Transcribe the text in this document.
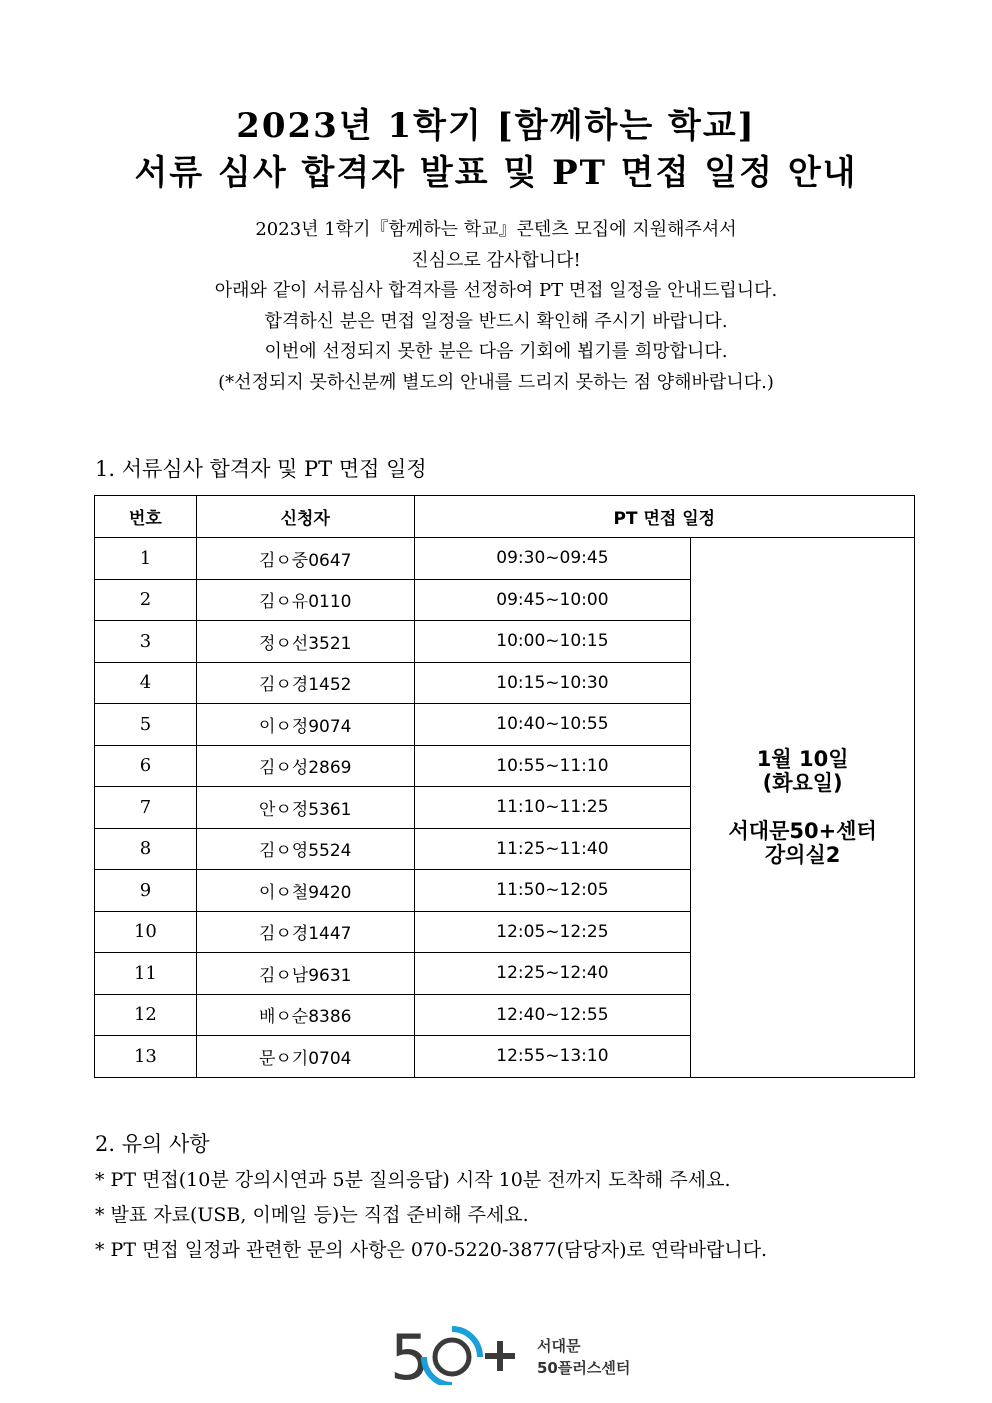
2023년 1학기 [함께하는 학교]
서류 심사 합격자 발표 및 PT 면접 일정 안내
2023년 1학기『함께하는 학교』콘텐츠 모집에 지원해주셔서
진심으로 감사합니다!
아래와 같이 서류심사 합격자를 선정하여 PT 면접 일정을 안내드립니다.
합격하신 분은 면접 일정을 반드시 확인해 주시기 바랍니다.
이번에 선정되지 못한 분은 다음 기회에 뵙기를 희망합니다.
(*선정되지 못하신분께 별도의 안내를 드리지 못하는 점 양해바랍니다.)
1. 서류심사 합격자 및 PT 면접 일정
번호	신청자	PT 면접 일정	
1	김ㅇ중0647	09:30~09:45	1월 10일
(화요일)
서대문50+센터
강의실2

2	김ㅇ유0110	09:45~10:00	
3	정ㅇ선3521	10:00~10:15	
4	김ㅇ경1452	10:15~10:30	
5	이ㅇ정9074	10:40~10:55	
6	김ㅇ성2869	10:55~11:10	
7	안ㅇ정5361	11:10~11:25	
8	김ㅇ영5524	11:25~11:40	
9	이ㅇ철9420	11:50~12:05	
10	김ㅇ경1447	12:05~12:25	
11	김ㅇ남9631	12:25~12:40	
12	배ㅇ순8386	12:40~12:55	
13	문ㅇ기0704	12:55~13:10	
2. 유의 사항
* PT 면접(10분 강의시연과 5분 질의응답) 시작 10분 전까지 도착해 주세요.
* 발표 자료(USB, 이메일 등)는 직접 준비해 주세요.
* PT 면접 일정과 관련한 문의 사항은 070-5220-3877(담당자)로 연락바랍니다.
5	서대문
50플러스센터
